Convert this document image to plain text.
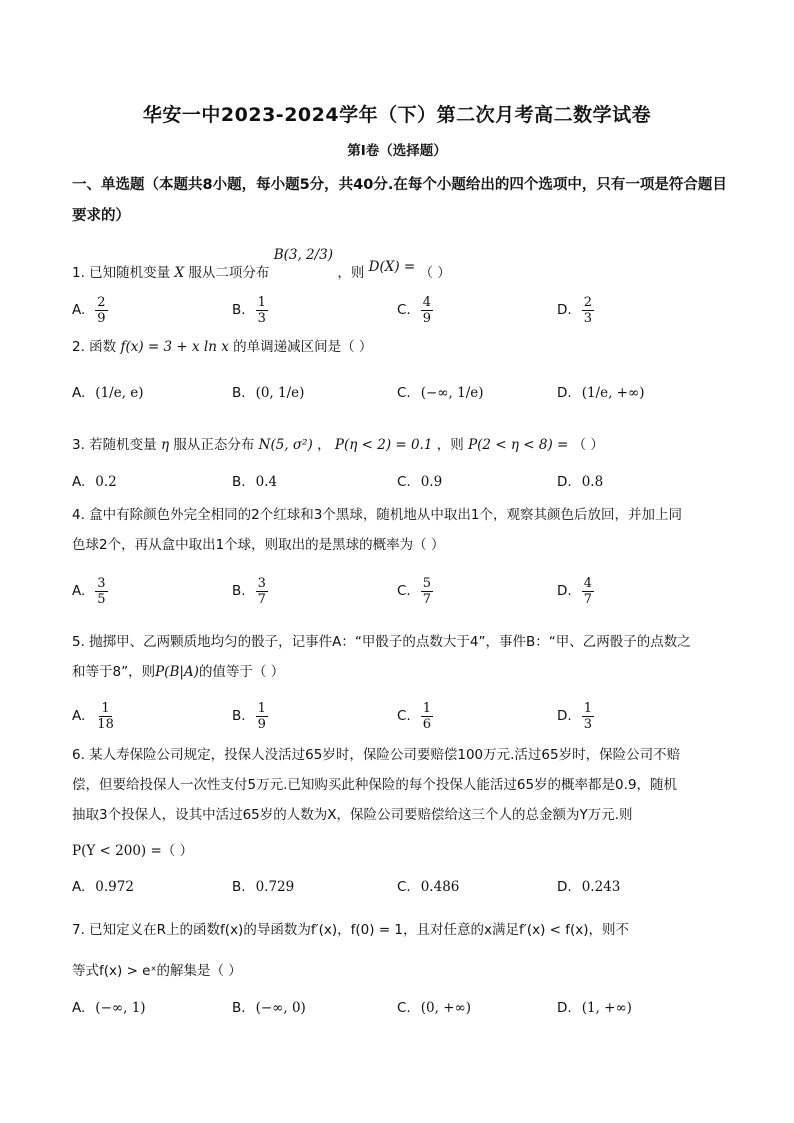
华安一中2023-2024学年（下）第二次月考高二数学试卷
第I卷（选择题）
一、单选题（本题共8小题，每小题5分，共40分.在每个小题给出的四个选项中，只有一项是符合题目要求的）
1. 已知随机变量 X 服从二项分布 B(3, 2/3) ，则 D(X) = （ ）
A. $\frac{2}{9}$	B. $\frac{1}{3}$	C. $\frac{4}{9}$	D. $\frac{2}{3}$
2. 函数 f(x) = 3 + x ln x 的单调递减区间是（ ）
A. (1/e, e)	B. (0, 1/e)	C. (−∞, 1/e)	D. (1/e, +∞)
3. 若随机变量 η 服从正态分布 N(5, σ²) ， P(η < 2) = 0.1 ，则 P(2 < η < 8) = （ ）
A. 0.2	B. 0.4	C. 0.9	D. 0.8
4. 盒中有除颜色外完全相同的2个红球和3个黑球，随机地从中取出1个，观察其颜色后放回，并加上同
色球2个，再从盒中取出1个球，则取出的是黑球的概率为（ ）
A. $\frac{3}{5}$	B. $\frac{3}{7}$	C. $\frac{5}{7}$	D. $\frac{4}{7}$
5. 抛掷甲、乙两颗质地均匀的骰子，记事件A：“甲骰子的点数大于4”，事件B：“甲、乙两骰子的点数之
和等于8”，则P(B|A)的值等于（ ）
A. $\frac{1}{18}$	B. $\frac{1}{9}$	C. $\frac{1}{6}$	D. $\frac{1}{3}$
6. 某人寿保险公司规定，投保人没活过65岁时，保险公司要赔偿100万元.活过65岁时，保险公司不赔
偿，但要给投保人一次性支付5万元.已知购买此种保险的每个投保人能活过65岁的概率都是0.9，随机
抽取3个投保人，设其中活过65岁的人数为X，保险公司要赔偿给这三个人的总金额为Y万元.则
P(Y < 200) =（ ）
A. 0.972	B. 0.729	C. 0.486	D. 0.243
7. 已知定义在R上的函数f(x)的导函数为f′(x)，f(0) = 1，且对任意的x满足f′(x) < f(x)，则不
等式f(x) > eˣ的解集是（ ）
A. (−∞, 1)	B. (−∞, 0)	C. (0, +∞)	D. (1, +∞)
